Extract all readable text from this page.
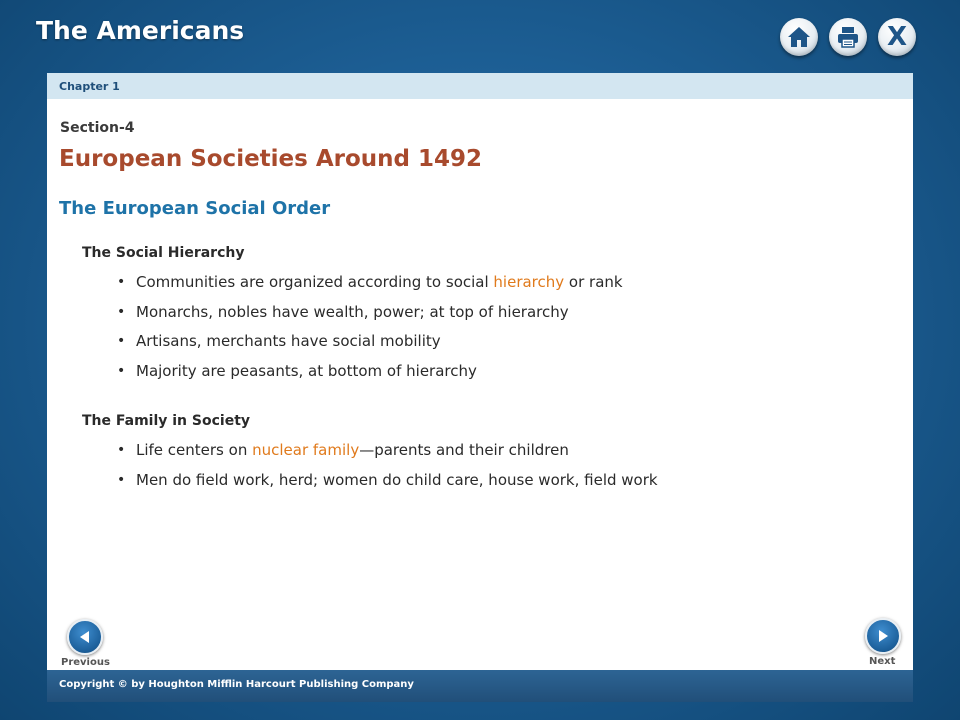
The Americans	X
Chapter 1
Section-4
European Societies Around 1492
The European Social Order
The Social Hierarchy
• Communities are organized according to social hierarchy or rank
• Monarchs, nobles have wealth, power; at top of hierarchy
• Artisans, merchants have social mobility
• Majority are peasants, at bottom of hierarchy
The Family in Society
• Life centers on nuclear family—parents and their children
• Men do field work, herd; women do child care, house work, field work
Previous	Next
Copyright © by Houghton Mifflin Harcourt Publishing Company
